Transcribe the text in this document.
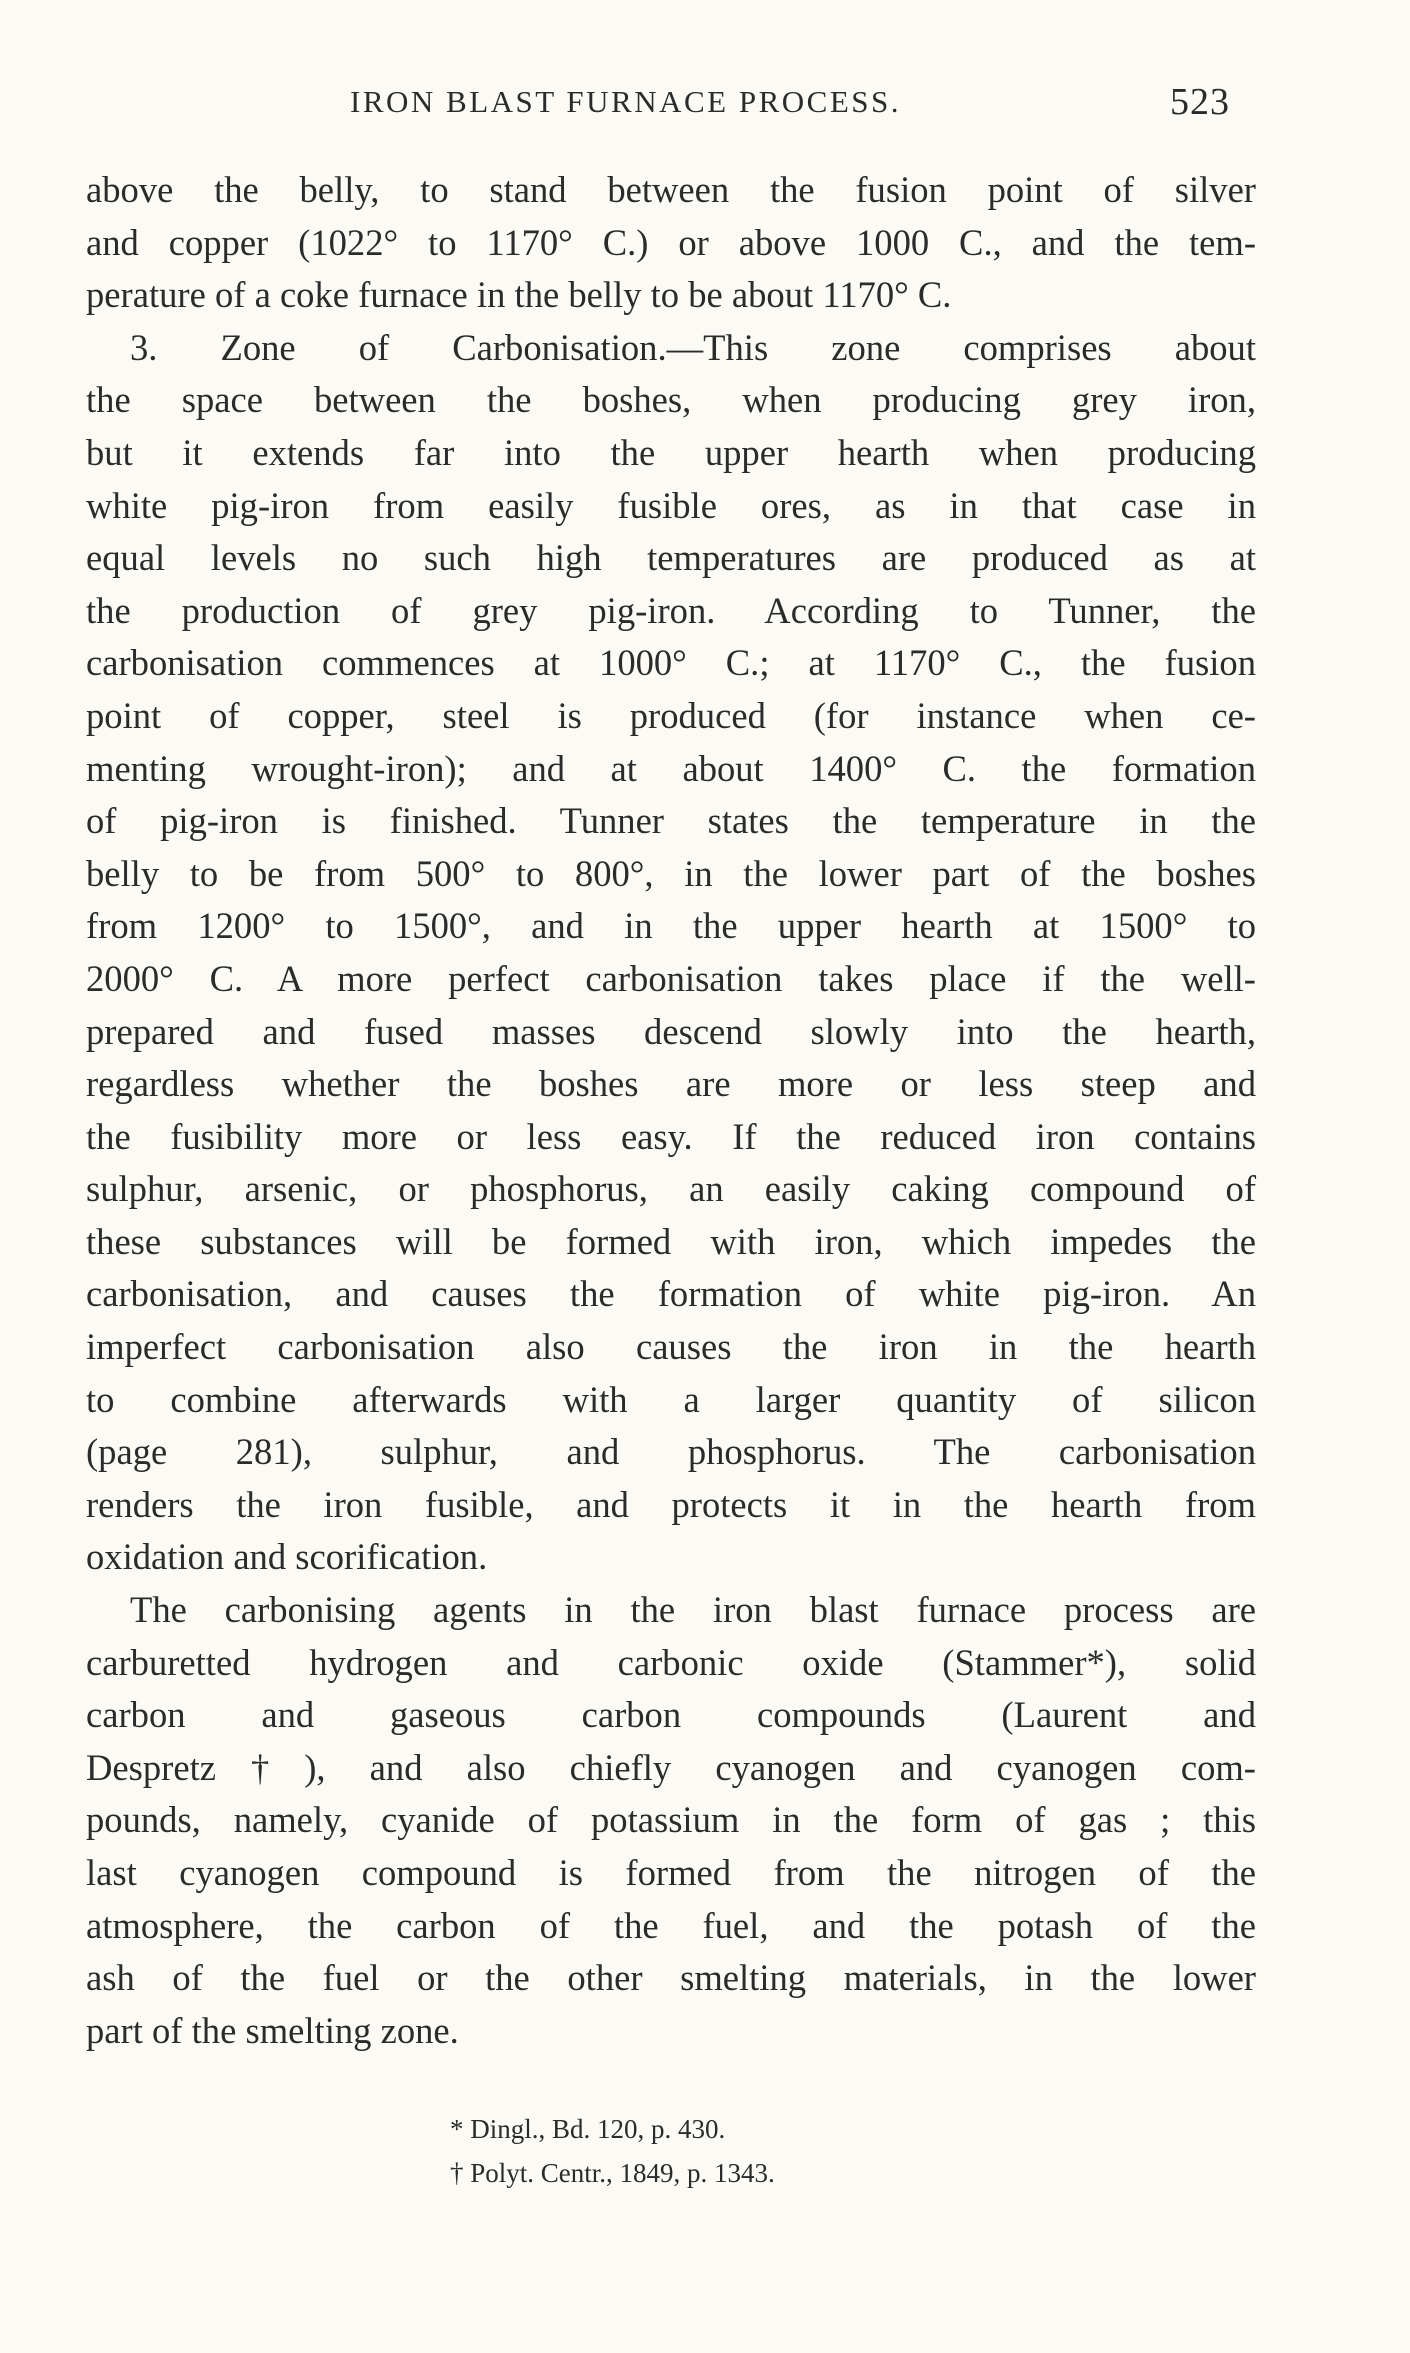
IRON BLAST FURNACE PROCESS.	523
above the belly, to stand between the fusion point of silver
and copper (1022° to 1170° C.) or above 1000 C., and the tem-
perature of a coke furnace in the belly to be about 1170° C.
3. Zone of Carbonisation.—This zone comprises about
the space between the boshes, when producing grey iron,
but it extends far into the upper hearth when producing
white pig-iron from easily fusible ores, as in that case in
equal levels no such high temperatures are produced as at
the production of grey pig-iron. According to Tunner, the
carbonisation commences at 1000° C.; at 1170° C., the fusion
point of copper, steel is produced (for instance when ce-
menting wrought-iron); and at about 1400° C. the formation
of pig-iron is finished. Tunner states the temperature in the
belly to be from 500° to 800°, in the lower part of the boshes
from 1200° to 1500°, and in the upper hearth at 1500° to
2000° C. A more perfect carbonisation takes place if the well-
prepared and fused masses descend slowly into the hearth,
regardless whether the boshes are more or less steep and
the fusibility more or less easy. If the reduced iron contains
sulphur, arsenic, or phosphorus, an easily caking compound of
these substances will be formed with iron, which impedes the
carbonisation, and causes the formation of white pig-iron. An
imperfect carbonisation also causes the iron in the hearth
to combine afterwards with a larger quantity of silicon
(page 281), sulphur, and phosphorus. The carbonisation
renders the iron fusible, and protects it in the hearth from
oxidation and scorification.
The carbonising agents in the iron blast furnace process are
carburetted hydrogen and carbonic oxide (Stammer*), solid
carbon and gaseous carbon compounds (Laurent and
Despretz†), and also chiefly cyanogen and cyanogen com-
pounds, namely, cyanide of potassium in the form of gas ; this
last cyanogen compound is formed from the nitrogen of the
atmosphere, the carbon of the fuel, and the potash of the
ash of the fuel or the other smelting materials, in the lower
part of the smelting zone.
* Dingl., Bd. 120, p. 430.
† Polyt. Centr., 1849, p. 1343.
